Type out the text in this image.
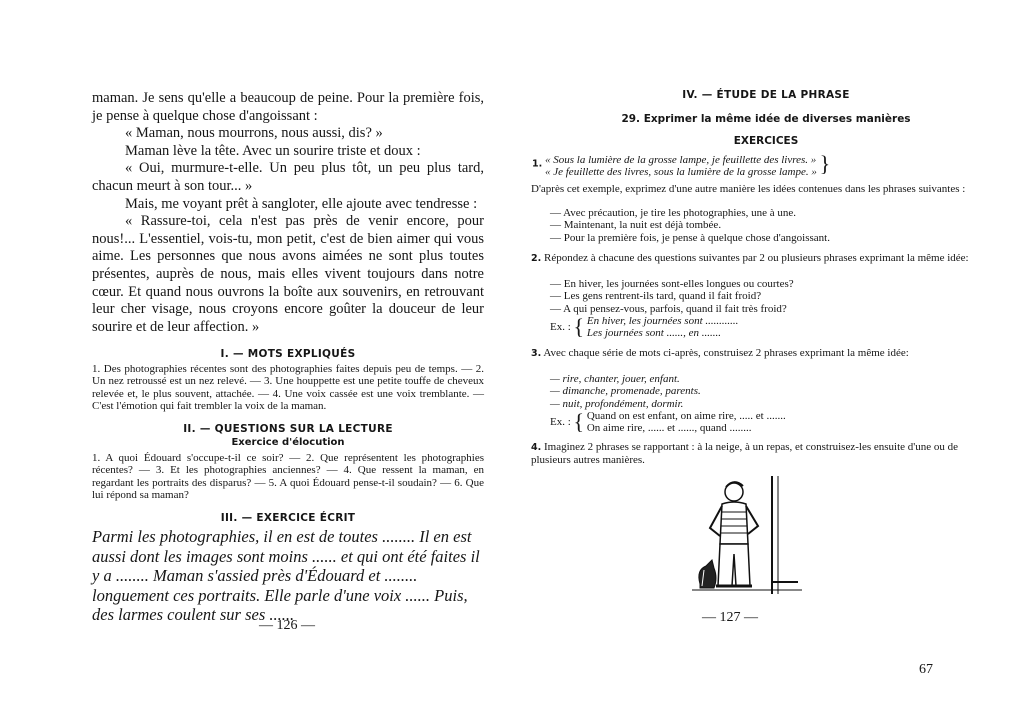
maman. Je sens qu'elle a beaucoup de peine. Pour la première fois, je pense à quelque chose d'angoissant :

« Maman, nous mourrons, nous aussi, dis? »

Maman lève la tête. Avec un sourire triste et doux :

« Oui, murmure-t-elle. Un peu plus tôt, un peu plus tard, chacun meurt à son tour... »

Mais, me voyant prêt à sangloter, elle ajoute avec tendresse :

« Rassure-toi, cela n'est pas près de venir encore, pour nous!... L'essentiel, vois-tu, mon petit, c'est de bien aimer qui vous aime. Les personnes que nous avons aimées ne sont plus toutes présentes, auprès de nous, mais elles vivent toujours dans notre cœur. Et quand nous ouvrons la boîte aux souvenirs, en retrouvant leur cher visage, nous croyons encore goûter la douceur de leur sourire et de leur affection. »

I. — MOTS EXPLIQUÉS

1. Des photographies récentes sont des photographies faites depuis peu de temps. — 2. Un nez retroussé est un nez relevé. — 3. Une houppette est une petite touffe de cheveux relevée et, le plus souvent, attachée. — 4. Une voix cassée est une voix tremblante. — C'est l'émotion qui fait trembler la voix de la maman.

II. — QUESTIONS SUR LA LECTURE

Exercice d'élocution

1. A quoi Édouard s'occupe-t-il ce soir? — 2. Que représentent les photographies récentes? — 3. Et les photographies anciennes? — 4. Que ressent la maman, en regardant les portraits des disparus? — 5. A quoi Édouard pense-t-il soudain? — 6. Que lui répond sa maman?

III. — EXERCICE ÉCRIT

Parmi les photographies, il en est de toutes ........ Il en est aussi dont les images sont moins ...... et qui ont été faites il y a ........ Maman s'assied près d'Édouard et ........ longuement ces portraits. Elle parle d'une voix ...... Puis, des larmes coulent sur ses ......

— 126 —

IV. — ÉTUDE DE LA PHRASE

29. Exprimer la même idée de diverses manières

EXERCICES

1. « Sous la lumière de la grosse lampe, je feuillette des livres. »
« Je feuillette des livres, sous la lumière de la grosse lampe. » }

D'après cet exemple, exprimez d'une autre manière les idées contenues dans les phrases suivantes :

— Avec précaution, je tire les photographies, une à une.

— Maintenant, la nuit est déjà tombée.

— Pour la première fois, je pense à quelque chose d'angoissant.

2. Répondez à chacune des questions suivantes par 2 ou plusieurs phrases exprimant la même idée:

— En hiver, les journées sont-elles longues ou courtes?

— Les gens rentrent-ils tard, quand il fait froid?

— A qui pensez-vous, parfois, quand il fait très froid?

Ex. : { En hiver, les journées sont ............
Les journées sont ......, en .......

3. Avec chaque série de mots ci-après, construisez 2 phrases exprimant la même idée:

— rire, chanter, jouer, enfant.

— dimanche, promenade, parents.

— nuit, profondément, dormir.

Ex. : { Quand on est enfant, on aime rire, ..... et .......
On aime rire, ...... et ......, quand ........

4. Imaginez 2 phrases se rapportant : à la neige, à un repas, et construisez-les ensuite d'une ou de plusieurs autres manières.

— 127 —

67
